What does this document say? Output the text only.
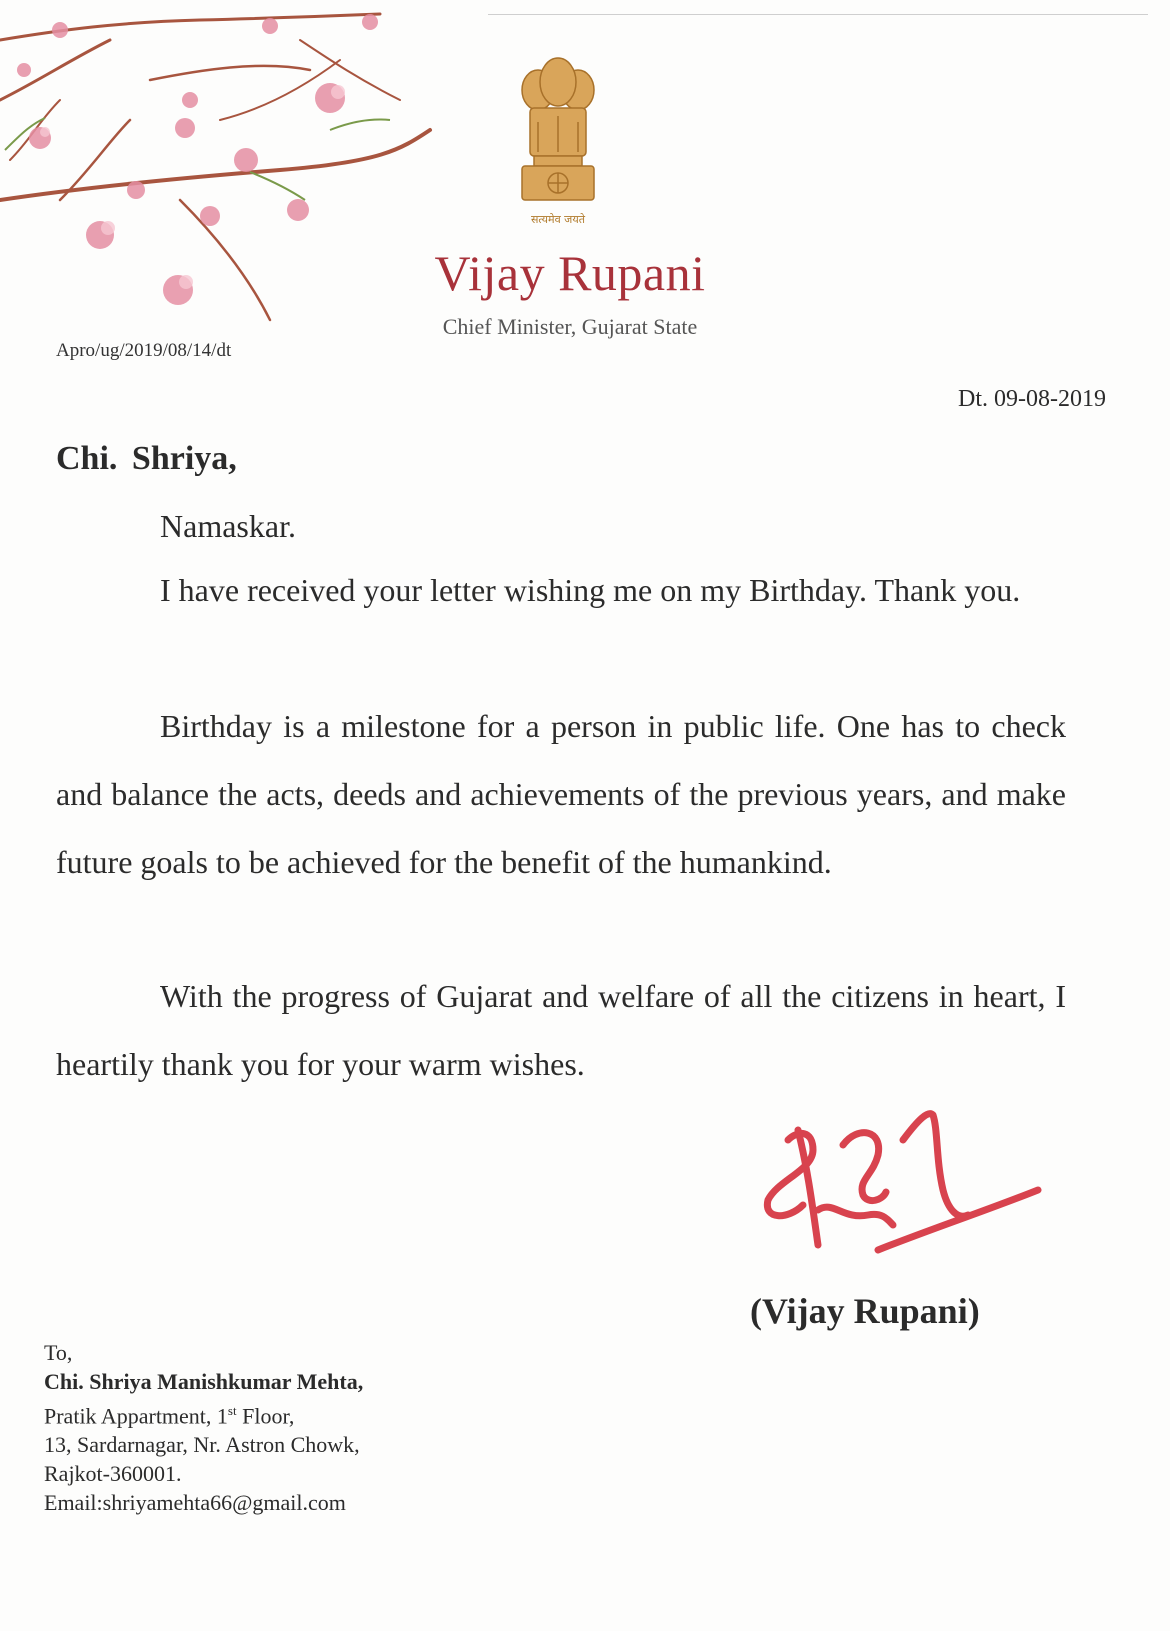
सत्यमेव जयते
Vijay Rupani
Chief Minister, Gujarat State
Apro/ug/2019/08/14/dt
Dt. 09-08-2019
Chi. Shriya,
Namaskar.

I have received your letter wishing me on my Birthday. Thank you.

Birthday is a milestone for a person in public life. One has to check and balance the acts, deeds and achievements of the previous years, and make future goals to be achieved for the benefit of the humankind.

With the progress of Gujarat and welfare of all the citizens in heart, I heartily thank you for your warm wishes.

(Vijay Rupani)
To,
Chi. Shriya Manishkumar Mehta,
Pratik Appartment, 1st Floor,
13, Sardarnagar, Nr. Astron Chowk,
Rajkot-360001.
Email:shriyamehta66@gmail.com
